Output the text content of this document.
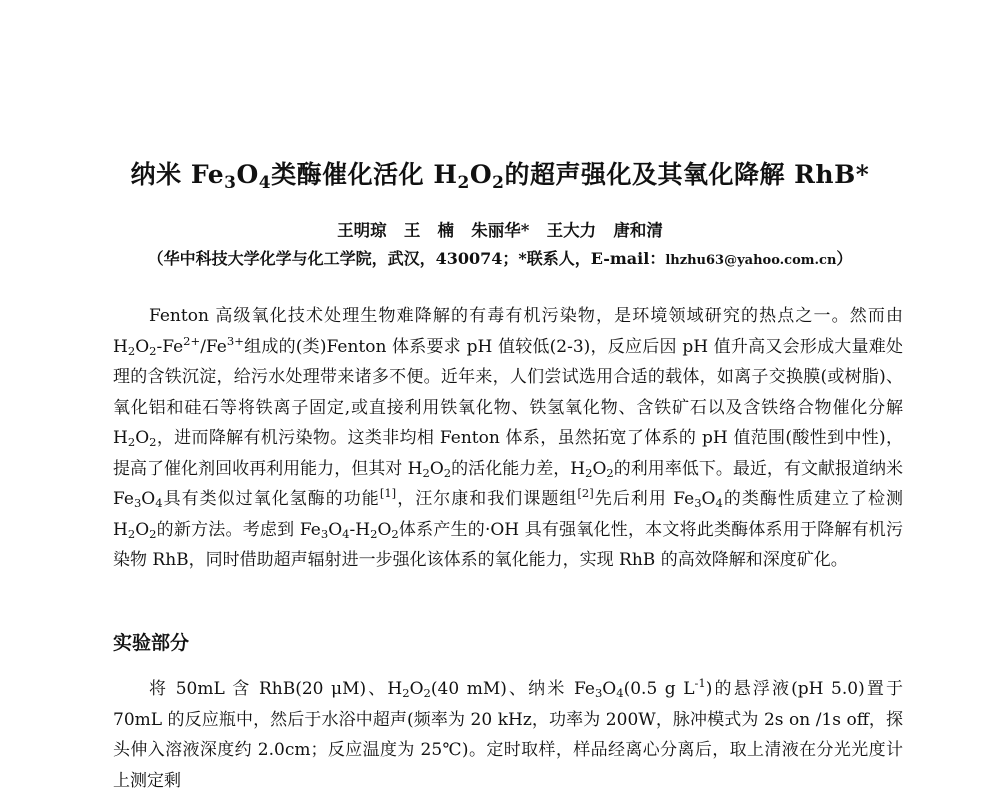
纳米 $Fe_3O_4$类酶催化活化 $H_2O_2$的超声强化及其氧化降解 RhB*
王明琼   王   楠   朱丽华*   王大力   唐和清
（华中科技大学化学与化工学院，武汉，430074；*联系人，E-mail：lhzhu63@yahoo.com.cn）

Fenton 高级氧化技术处理生物难降解的有毒有机污染物，是环境领域研究的热点之一。然而由 $H_2O_2-Fe^{2+}/Fe^{3+}$组成的(类)Fenton 体系要求 pH 值较低(2-3)，反应后因 pH 值升高又会形成大量难处理的含铁沉淀，给污水处理带来诸多不便。近年来，人们尝试选用合适的载体，如离子交换膜(或树脂)、氧化铝和硅石等将铁离子固定,或直接利用铁氧化物、铁氢氧化物、含铁矿石以及含铁络合物催化分解 $H_2O_2$，进而降解有机污染物。这类非均相 Fenton 体系，虽然拓宽了体系的 pH 值范围(酸性到中性)，提高了催化剂回收再利用能力，但其对 $H_2O_2$的活化能力差，$H_2O_2$的利用率低下。最近，有文献报道纳米 $Fe_3O_4$具有类似过氧化氢酶的功能[1]，汪尔康和我们课题组[2]先后利用 $Fe_3O_4$的类酶性质建立了检测 $H_2O_2$的新方法。考虑到 $Fe_3O_4-H_2O_2$体系产生的·OH 具有强氧化性，本文将此类酶体系用于降解有机污染物 RhB，同时借助超声辐射进一步强化该体系的氧化能力，实现 RhB 的高效降解和深度矿化。

实验部分

将 50mL 含 RhB(20 μM)、$H_2O_2(40$ mM)、纳米 $Fe_3O_4(0.5$ g $L^{-1}$)的悬浮液(pH 5.0)置于 70mL 的反应瓶中，然后于水浴中超声(频率为 20 kHz，功率为 200W，脉冲模式为 2s on /1s off，探头伸入溶液深度约 2.0cm；反应温度为 25℃)。定时取样，样品经离心分离后，取上清液在分光光度计上测定剩
